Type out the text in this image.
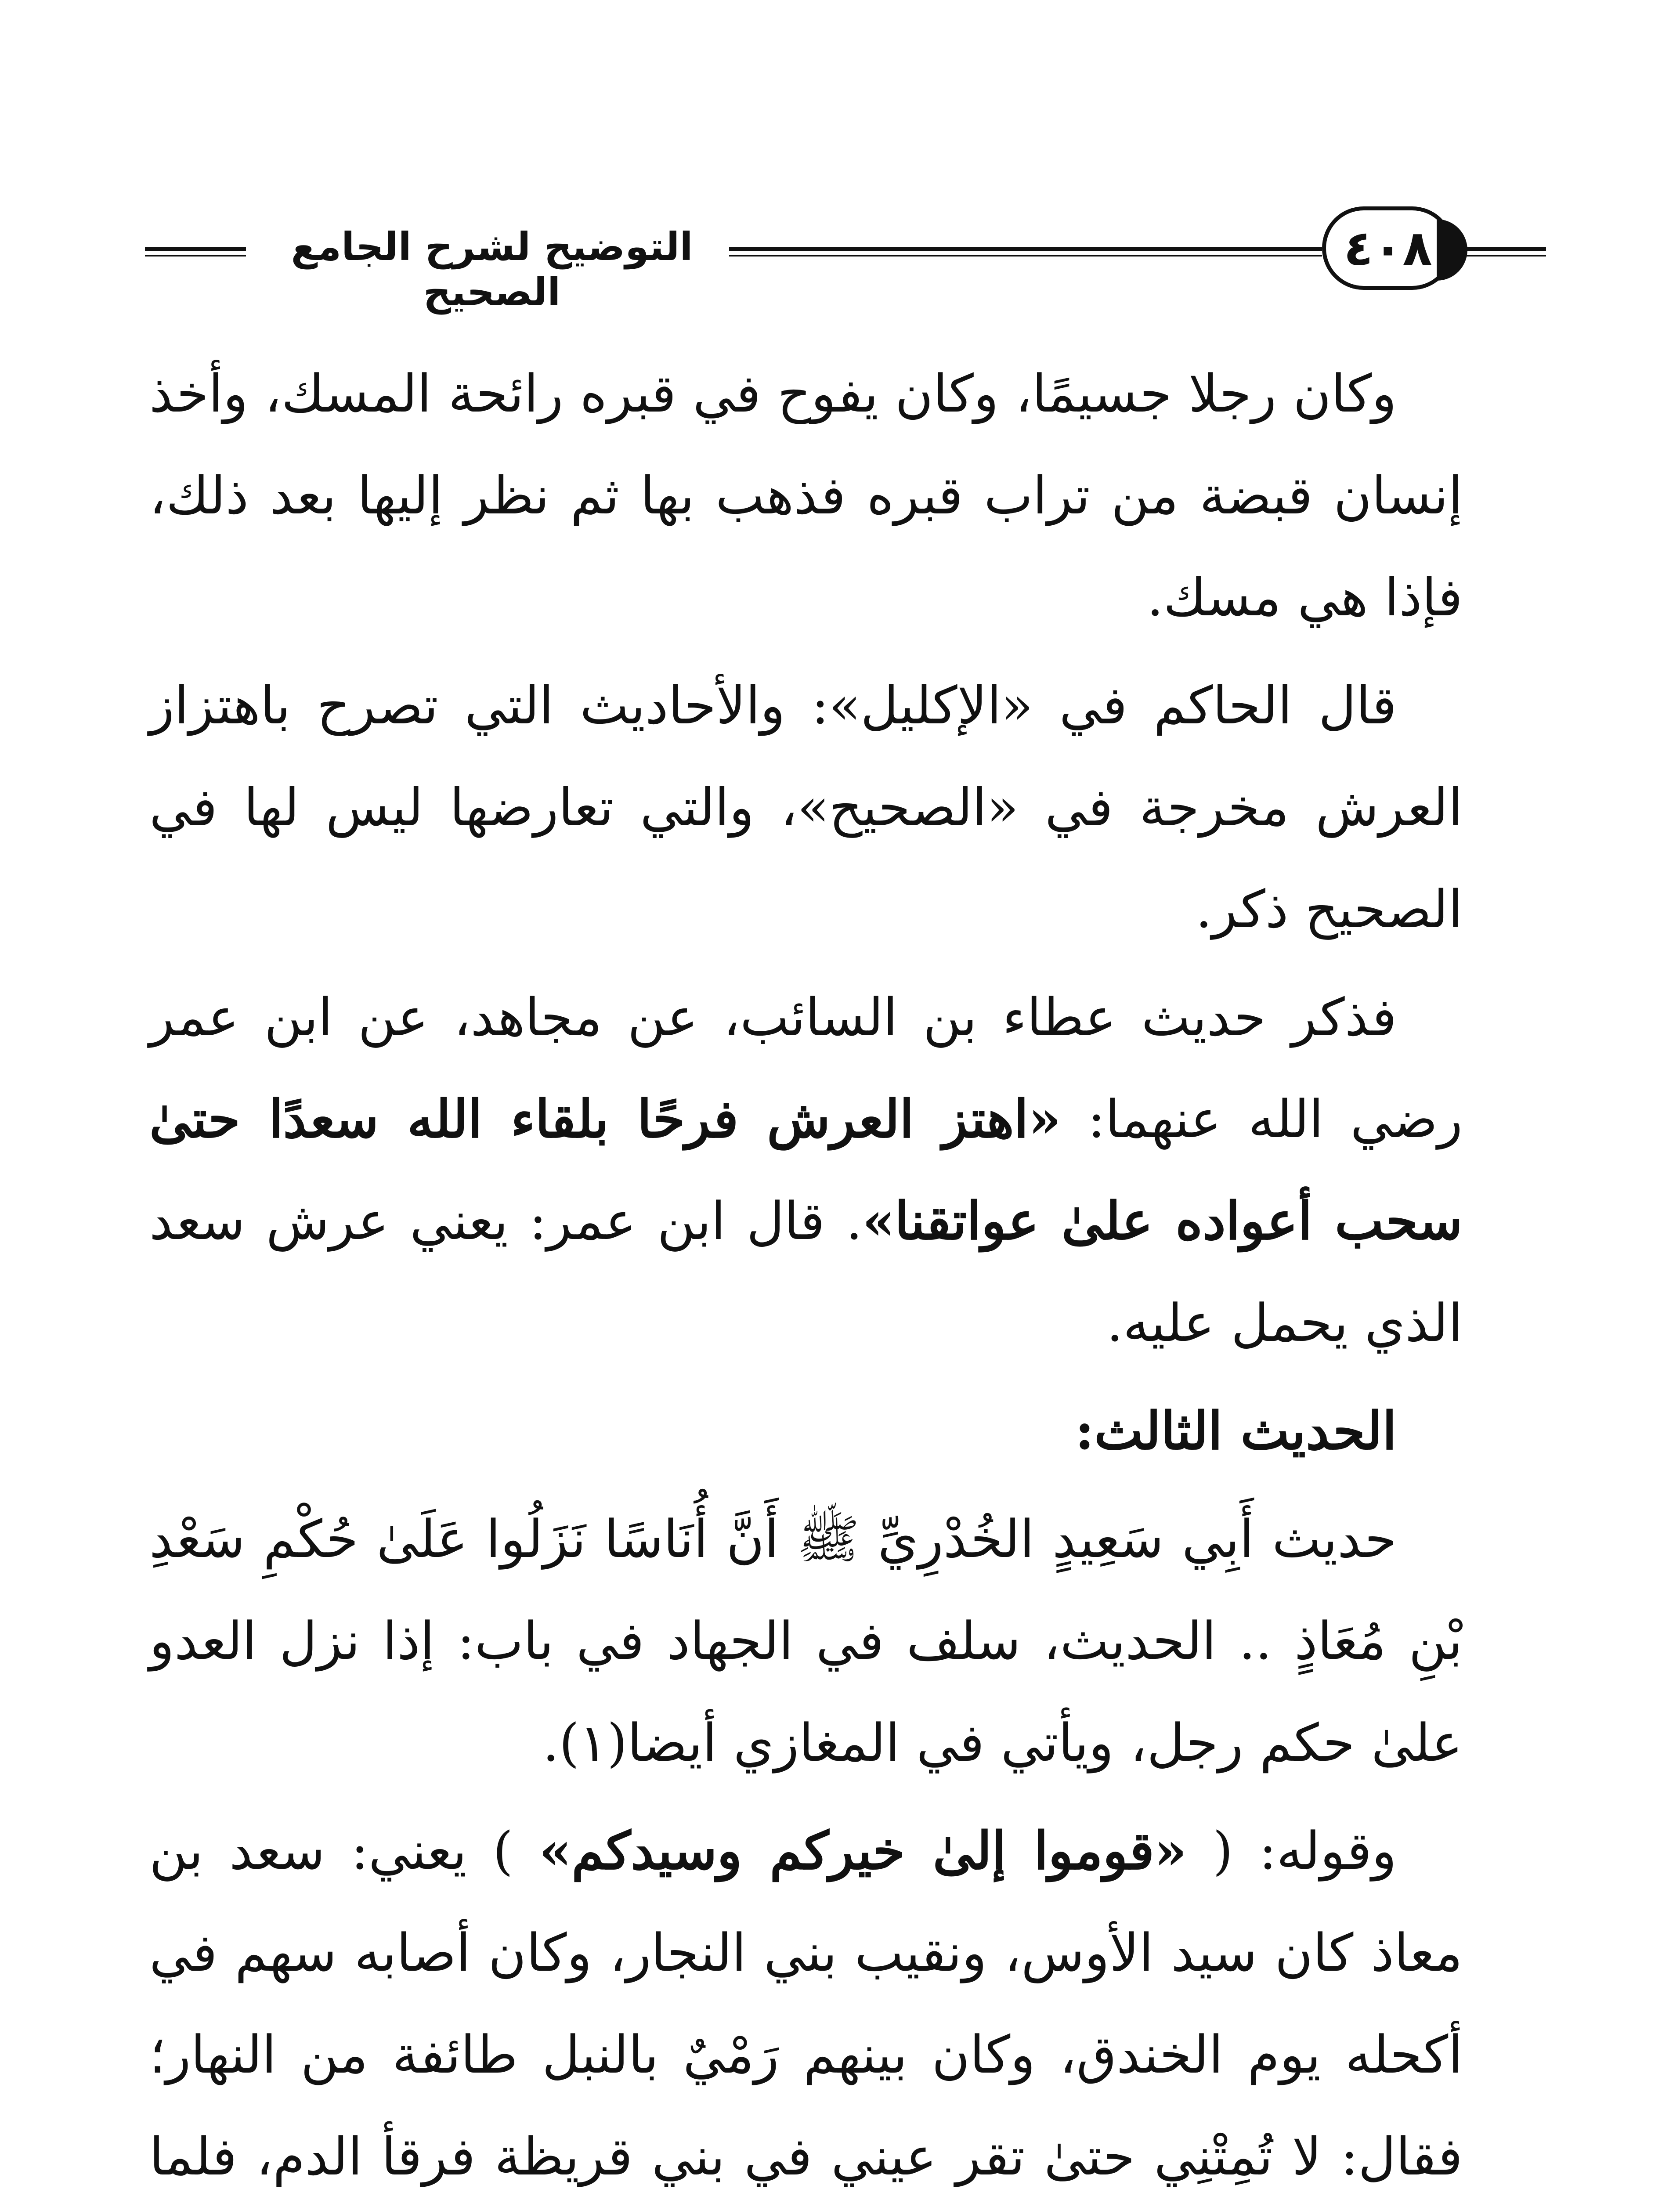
التوضيح لشرح الجامع الصحيح
٤٠٨

وكان رجلا جسيمًا، وكان يفوح في قبره رائحة المسك، وأخذ إنسان قبضة من تراب قبره فذهب بها ثم نظر إليها بعد ذلك، فإذا هي مسك.

قال الحاكم في «الإكليل»: والأحاديث التي تصرح باهتزاز العرش مخرجة في «الصحيح»، والتي تعارضها ليس لها في الصحيح ذكر.

فذكر حديث عطاء بن السائب، عن مجاهد، عن ابن عمر رضي الله عنهما: «اهتز العرش فرحًا بلقاء الله سعدًا حتىٰ سحب أعواده علىٰ عواتقنا». قال ابن عمر: يعني عرش سعد الذي يحمل عليه.

الحديث الثالث:

حديث أَبِي سَعِيدٍ الخُدْرِيِّ ﷺ أَنَّ أُنَاسًا نَزَلُوا عَلَىٰ حُكْمِ سَعْدِ بْنِ مُعَاذٍ .. الحديث، سلف في الجهاد في باب: إذا نزل العدو علىٰ حكم رجل، ويأتي في المغازي أيضا(١).

وقوله: ( «قوموا إلىٰ خيركم وسيدكم» ) يعني: سعد بن معاذ كان سيد الأوس، ونقيب بني النجار، وكان أصابه سهم في أكحله يوم الخندق، وكان بينهم رَمْيٌ بالنبل طائفة من النهار؛ فقال: لا تُمِتْنِي حتىٰ تقر عيني في بني قريظة فرقأ الدم، فلما
